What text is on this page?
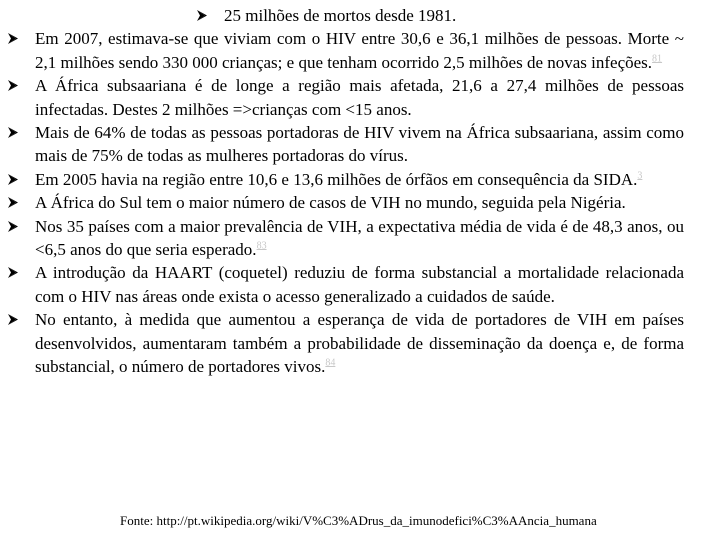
25 milhões de mortos desde 1981.
Em 2007, estimava-se que viviam com o HIV entre 30,6 e 36,1 milhões de pessoas. Morte ~ 2,1 milhões sendo 330 000 crianças; e que tenham ocorrido 2,5 milhões de novas infeções.$^{81}$
A África subsaariana é de longe a região mais afetada, 21,6 a 27,4 milhões de pessoas infectadas. Destes 2 milhões =>crianças com <15 anos.
Mais de 64% de todas as pessoas portadoras de HIV vivem na África subsaariana, assim como mais de 75% de todas as mulheres portadoras do vírus.
Em 2005 havia na região entre 10,6 e 13,6 milhões de órfãos em consequência da SIDA.$^3$
A África do Sul tem o maior número de casos de VIH no mundo, seguida pela Nigéria.
Nos 35 países com a maior prevalência de VIH, a expectativa média de vida é de 48,3 anos, ou <6,5 anos do que seria esperado.$^{83}$
A introdução da HAART (coquetel) reduziu de forma substancial a mortalidade relacionada com o HIV nas áreas onde exista o acesso generalizado a cuidados de saúde.
No entanto, à medida que aumentou a esperança de vida de portadores de VIH em países desenvolvidos, aumentaram também a probabilidade de disseminação da doença e, de forma substancial, o número de portadores vivos.$^{84}$
Fonte: http://pt.wikipedia.org/wiki/V%C3%ADrus_da_imunodefici%C3%AAncia_humana
